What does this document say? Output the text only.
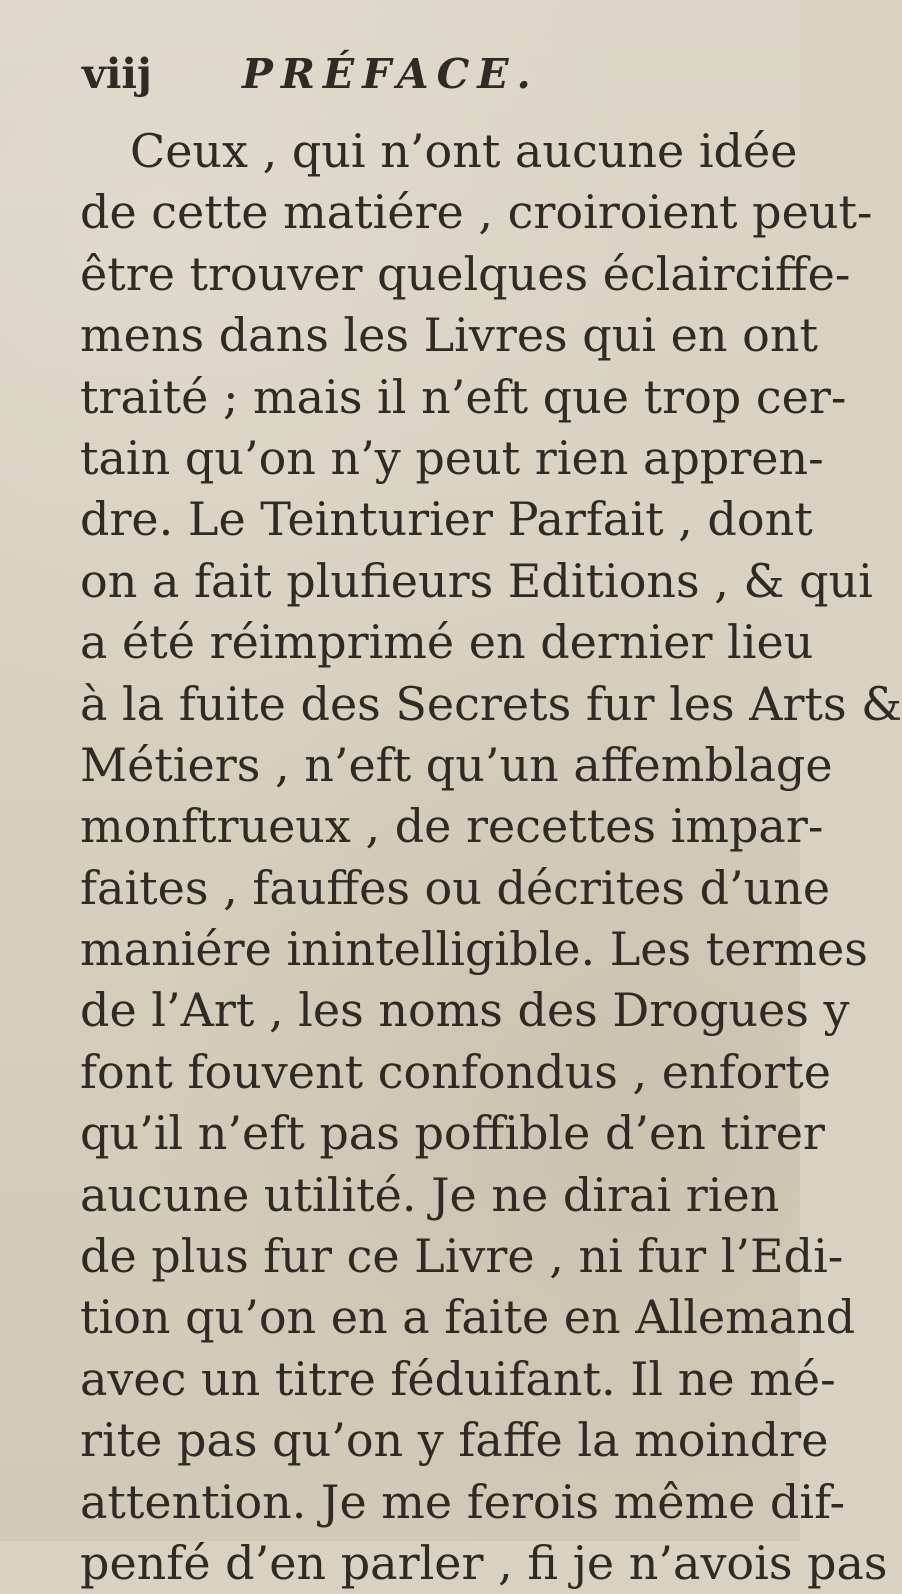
viij PRÉFACE.
Ceux , qui n’ont aucune idée
de cette matiére , croiroient peut-
être trouver quelques éclairciffe-
mens dans les Livres qui en ont
traité ; mais il n’eft que trop cer-
tain qu’on n’y peut rien appren-
dre. Le Teinturier Parfait , dont
on a fait plufieurs Editions , & qui
a été réimprimé en dernier lieu
à la fuite des Secrets fur les Arts &
Métiers , n’eft qu’un affemblage
monftrueux , de recettes impar-
faites , fauffes ou décrites d’une
maniére inintelligible. Les termes
de l’Art , les noms des Drogues y
font fouvent confondus , enforte
qu’il n’eft pas poffible d’en tirer
aucune utilité. Je ne dirai rien
de plus fur ce Livre , ni fur l’Edi-
tion qu’on en a faite en Allemand
avec un titre féduifant. Il ne mé-
rite pas qu’on y faffe la moindre
attention. Je me ferois même dif-
penfé d’en parler , fi je n’avois pas
